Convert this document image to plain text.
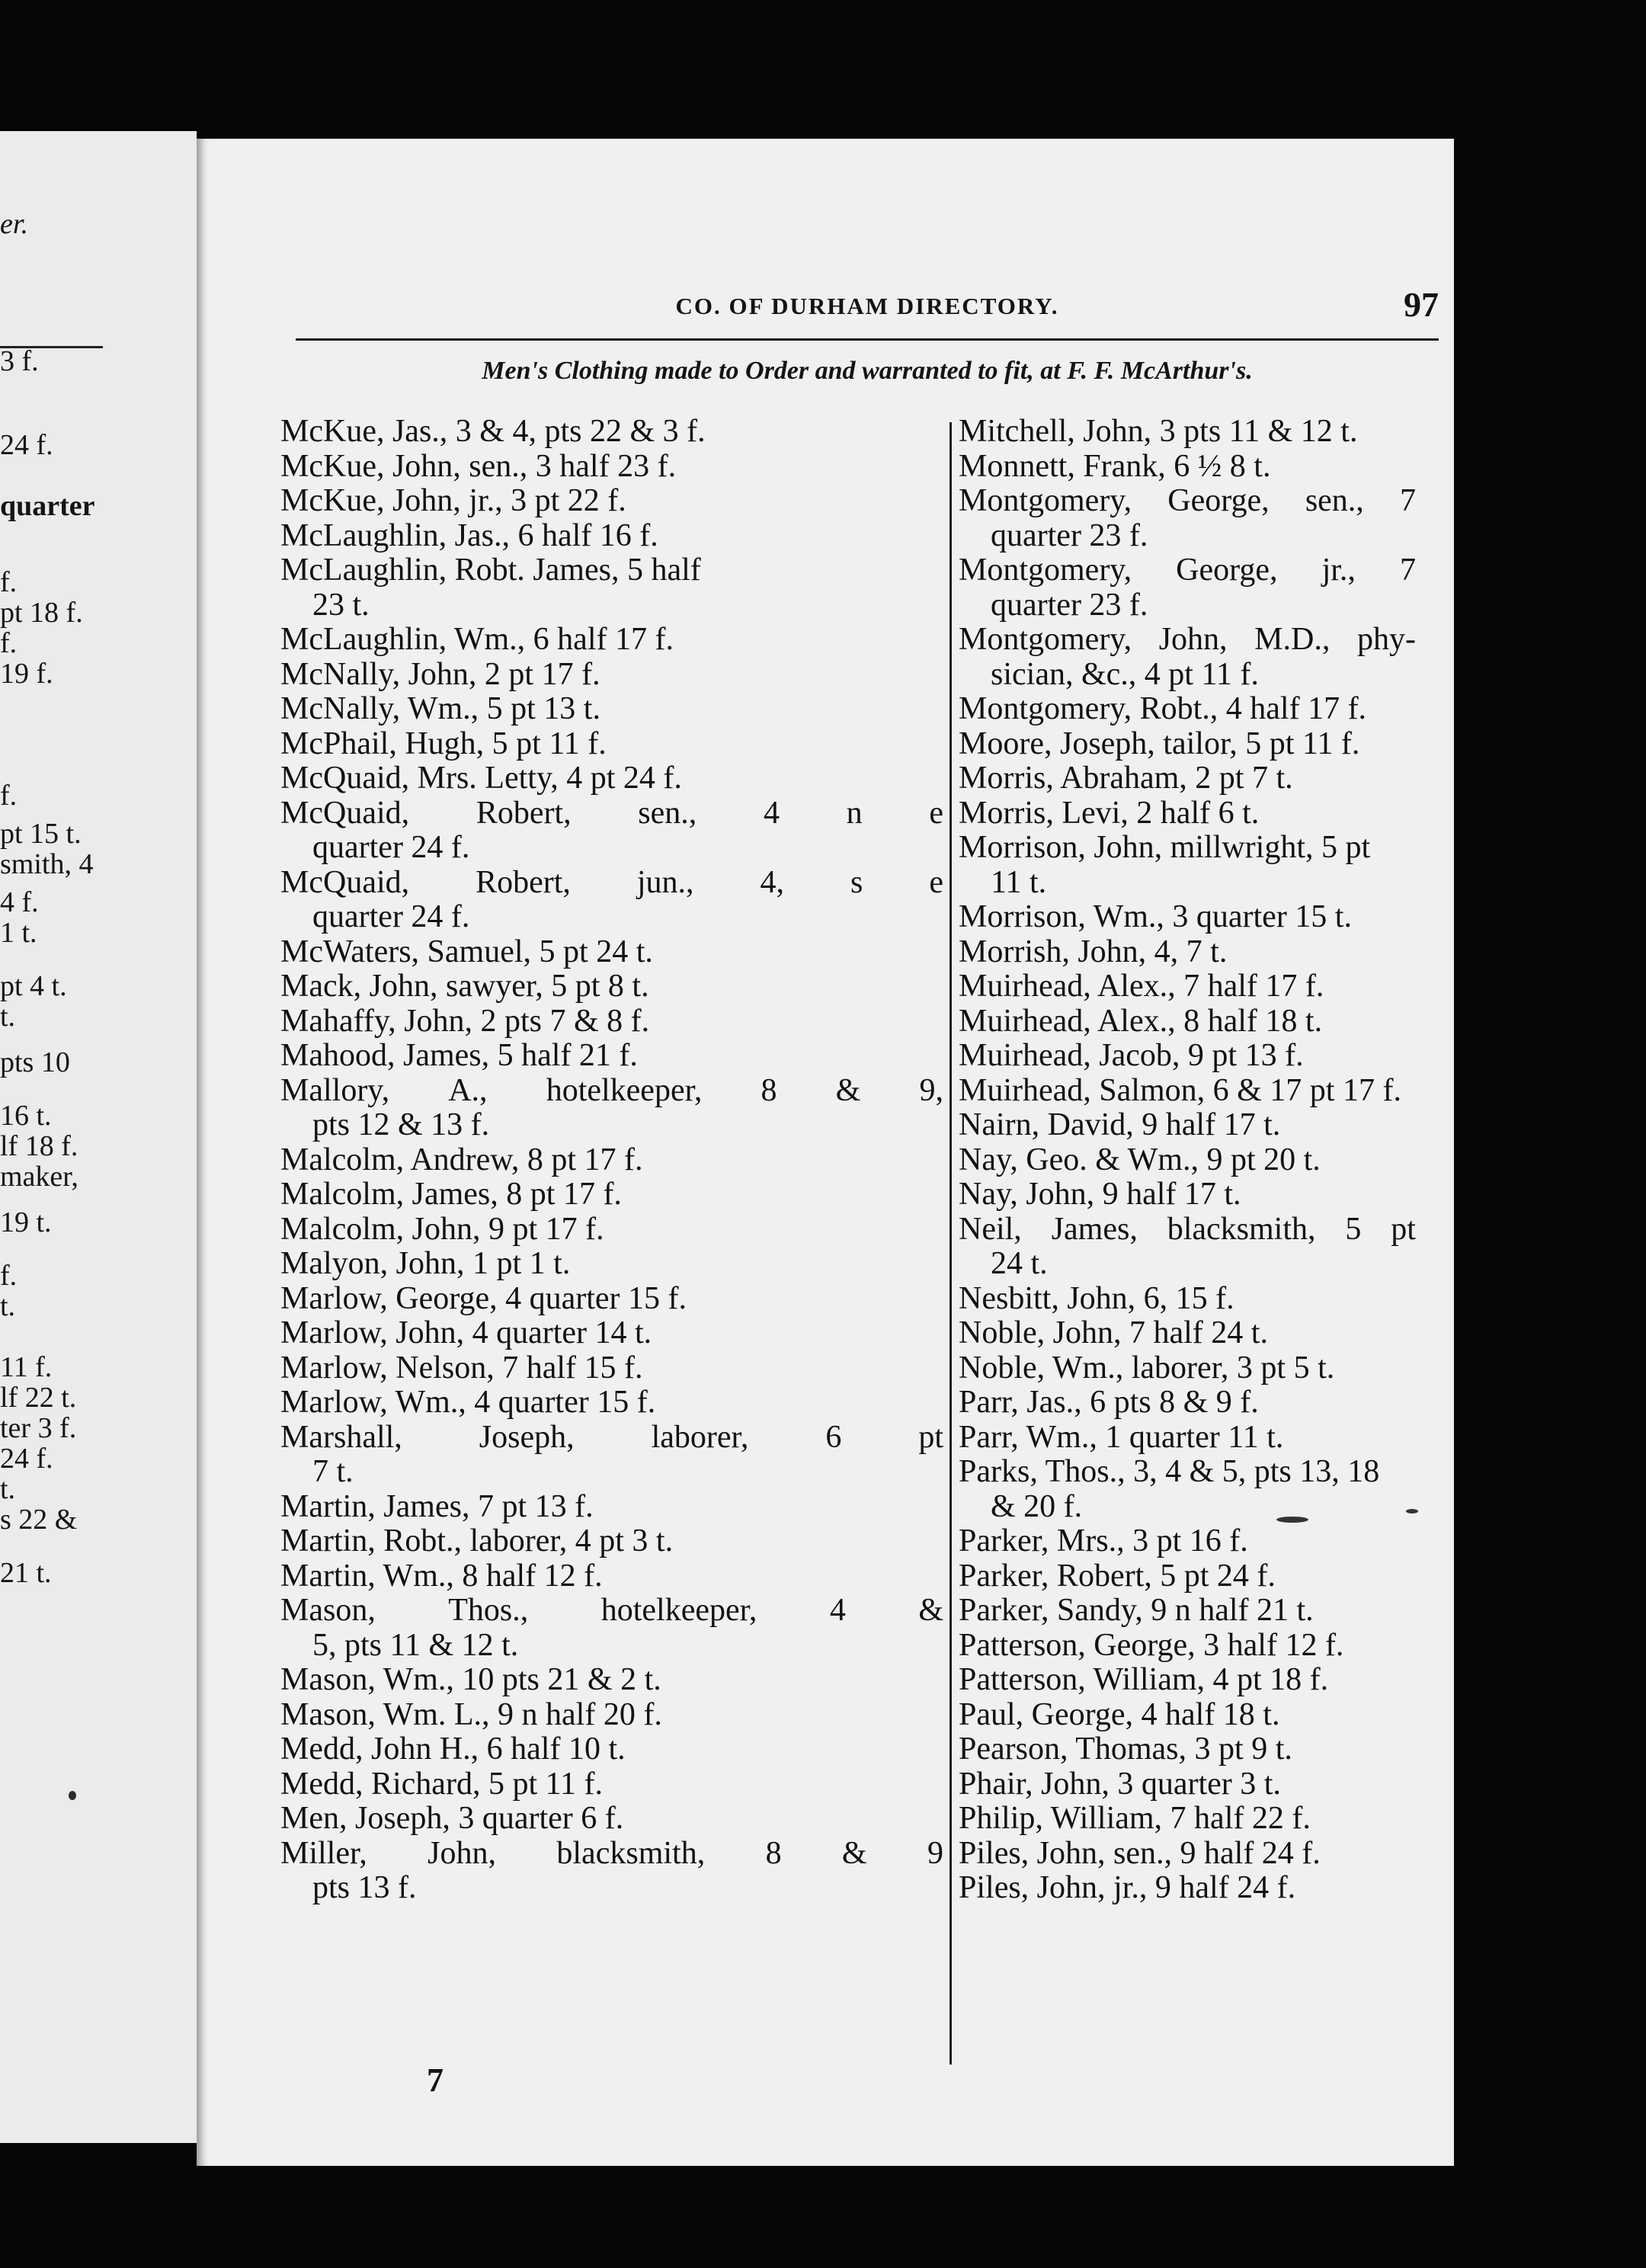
er.
3 f.
24 f.
quarter
f.
pt 18 f.
f.
19 f.
f.
pt 15 t.
smith, 4
4 f.
1 t.
pt 4 t.
t.
pts 10
16 t.
lf 18 f.
maker,
19 t.
f.
t.
11 f.
lf 22 t.
ter 3 f.
24 f.
t.
s 22 &
21 t.
CO. OF DURHAM DIRECTORY.	97
Men's Clothing made to Order and warranted to fit, at F. F. McArthur's.
McKue, Jas., 3 & 4, pts 22 & 3 f.
McKue, John, sen., 3 half 23 f.
McKue, John, jr., 3 pt 22 f.
McLaughlin, Jas., 6 half 16 f.
McLaughlin, Robt. James, 5 half
23 t.
McLaughlin, Wm., 6 half 17 f.
McNally, John, 2 pt 17 f.
McNally, Wm., 5 pt 13 t.
McPhail, Hugh, 5 pt 11 f.
McQuaid, Mrs. Letty, 4 pt 24 f.
McQuaid, Robert, sen., 4 n e
quarter 24 f.
McQuaid, Robert, jun., 4, s e
quarter 24 f.
McWaters, Samuel, 5 pt 24 t.
Mack, John, sawyer, 5 pt 8 t.
Mahaffy, John, 2 pts 7 & 8 f.
Mahood, James, 5 half 21 f.
Mallory, A., hotelkeeper, 8 & 9,
pts 12 & 13 f.
Malcolm, Andrew, 8 pt 17 f.
Malcolm, James, 8 pt 17 f.
Malcolm, John, 9 pt 17 f.
Malyon, John, 1 pt 1 t.
Marlow, George, 4 quarter 15 f.
Marlow, John, 4 quarter 14 t.
Marlow, Nelson, 7 half 15 f.
Marlow, Wm., 4 quarter 15 f.
Marshall, Joseph, laborer, 6 pt
7 t.
Martin, James, 7 pt 13 f.
Martin, Robt., laborer, 4 pt 3 t.
Martin, Wm., 8 half 12 f.
Mason, Thos., hotelkeeper, 4 &
5, pts 11 & 12 t.
Mason, Wm., 10 pts 21 & 2 t.
Mason, Wm. L., 9 n half 20 f.
Medd, John H., 6 half 10 t.
Medd, Richard, 5 pt 11 f.
Men, Joseph, 3 quarter 6 f.
Miller, John, blacksmith, 8 & 9
pts 13 f.
Mitchell, John, 3 pts 11 & 12 t.
Monnett, Frank, 6 ½ 8 t.
Montgomery, George, sen., 7
quarter 23 f.
Montgomery, George, jr., 7
quarter 23 f.
Montgomery, John, M.D., phy-
sician, &c., 4 pt 11 f.
Montgomery, Robt., 4 half 17 f.
Moore, Joseph, tailor, 5 pt 11 f.
Morris, Abraham, 2 pt 7 t.
Morris, Levi, 2 half 6 t.
Morrison, John, millwright, 5 pt
11 t.
Morrison, Wm., 3 quarter 15 t.
Morrish, John, 4, 7 t.
Muirhead, Alex., 7 half 17 f.
Muirhead, Alex., 8 half 18 t.
Muirhead, Jacob, 9 pt 13 f.
Muirhead, Salmon, 6 & 17 pt 17 f.
Nairn, David, 9 half 17 t.
Nay, Geo. & Wm., 9 pt 20 t.
Nay, John, 9 half 17 t.
Neil, James, blacksmith, 5 pt
24 t.
Nesbitt, John, 6, 15 f.
Noble, John, 7 half 24 t.
Noble, Wm., laborer, 3 pt 5 t.
Parr, Jas., 6 pts 8 & 9 f.
Parr, Wm., 1 quarter 11 t.
Parks, Thos., 3, 4 & 5, pts 13, 18
& 20 f.
Parker, Mrs., 3 pt 16 f.
Parker, Robert, 5 pt 24 f.
Parker, Sandy, 9 n half 21 t.
Patterson, George, 3 half 12 f.
Patterson, William, 4 pt 18 f.
Paul, George, 4 half 18 t.
Pearson, Thomas, 3 pt 9 t.
Phair, John, 3 quarter 3 t.
Philip, William, 7 half 22 f.
Piles, John, sen., 9 half 24 f.
Piles, John, jr., 9 half 24 f.
7
